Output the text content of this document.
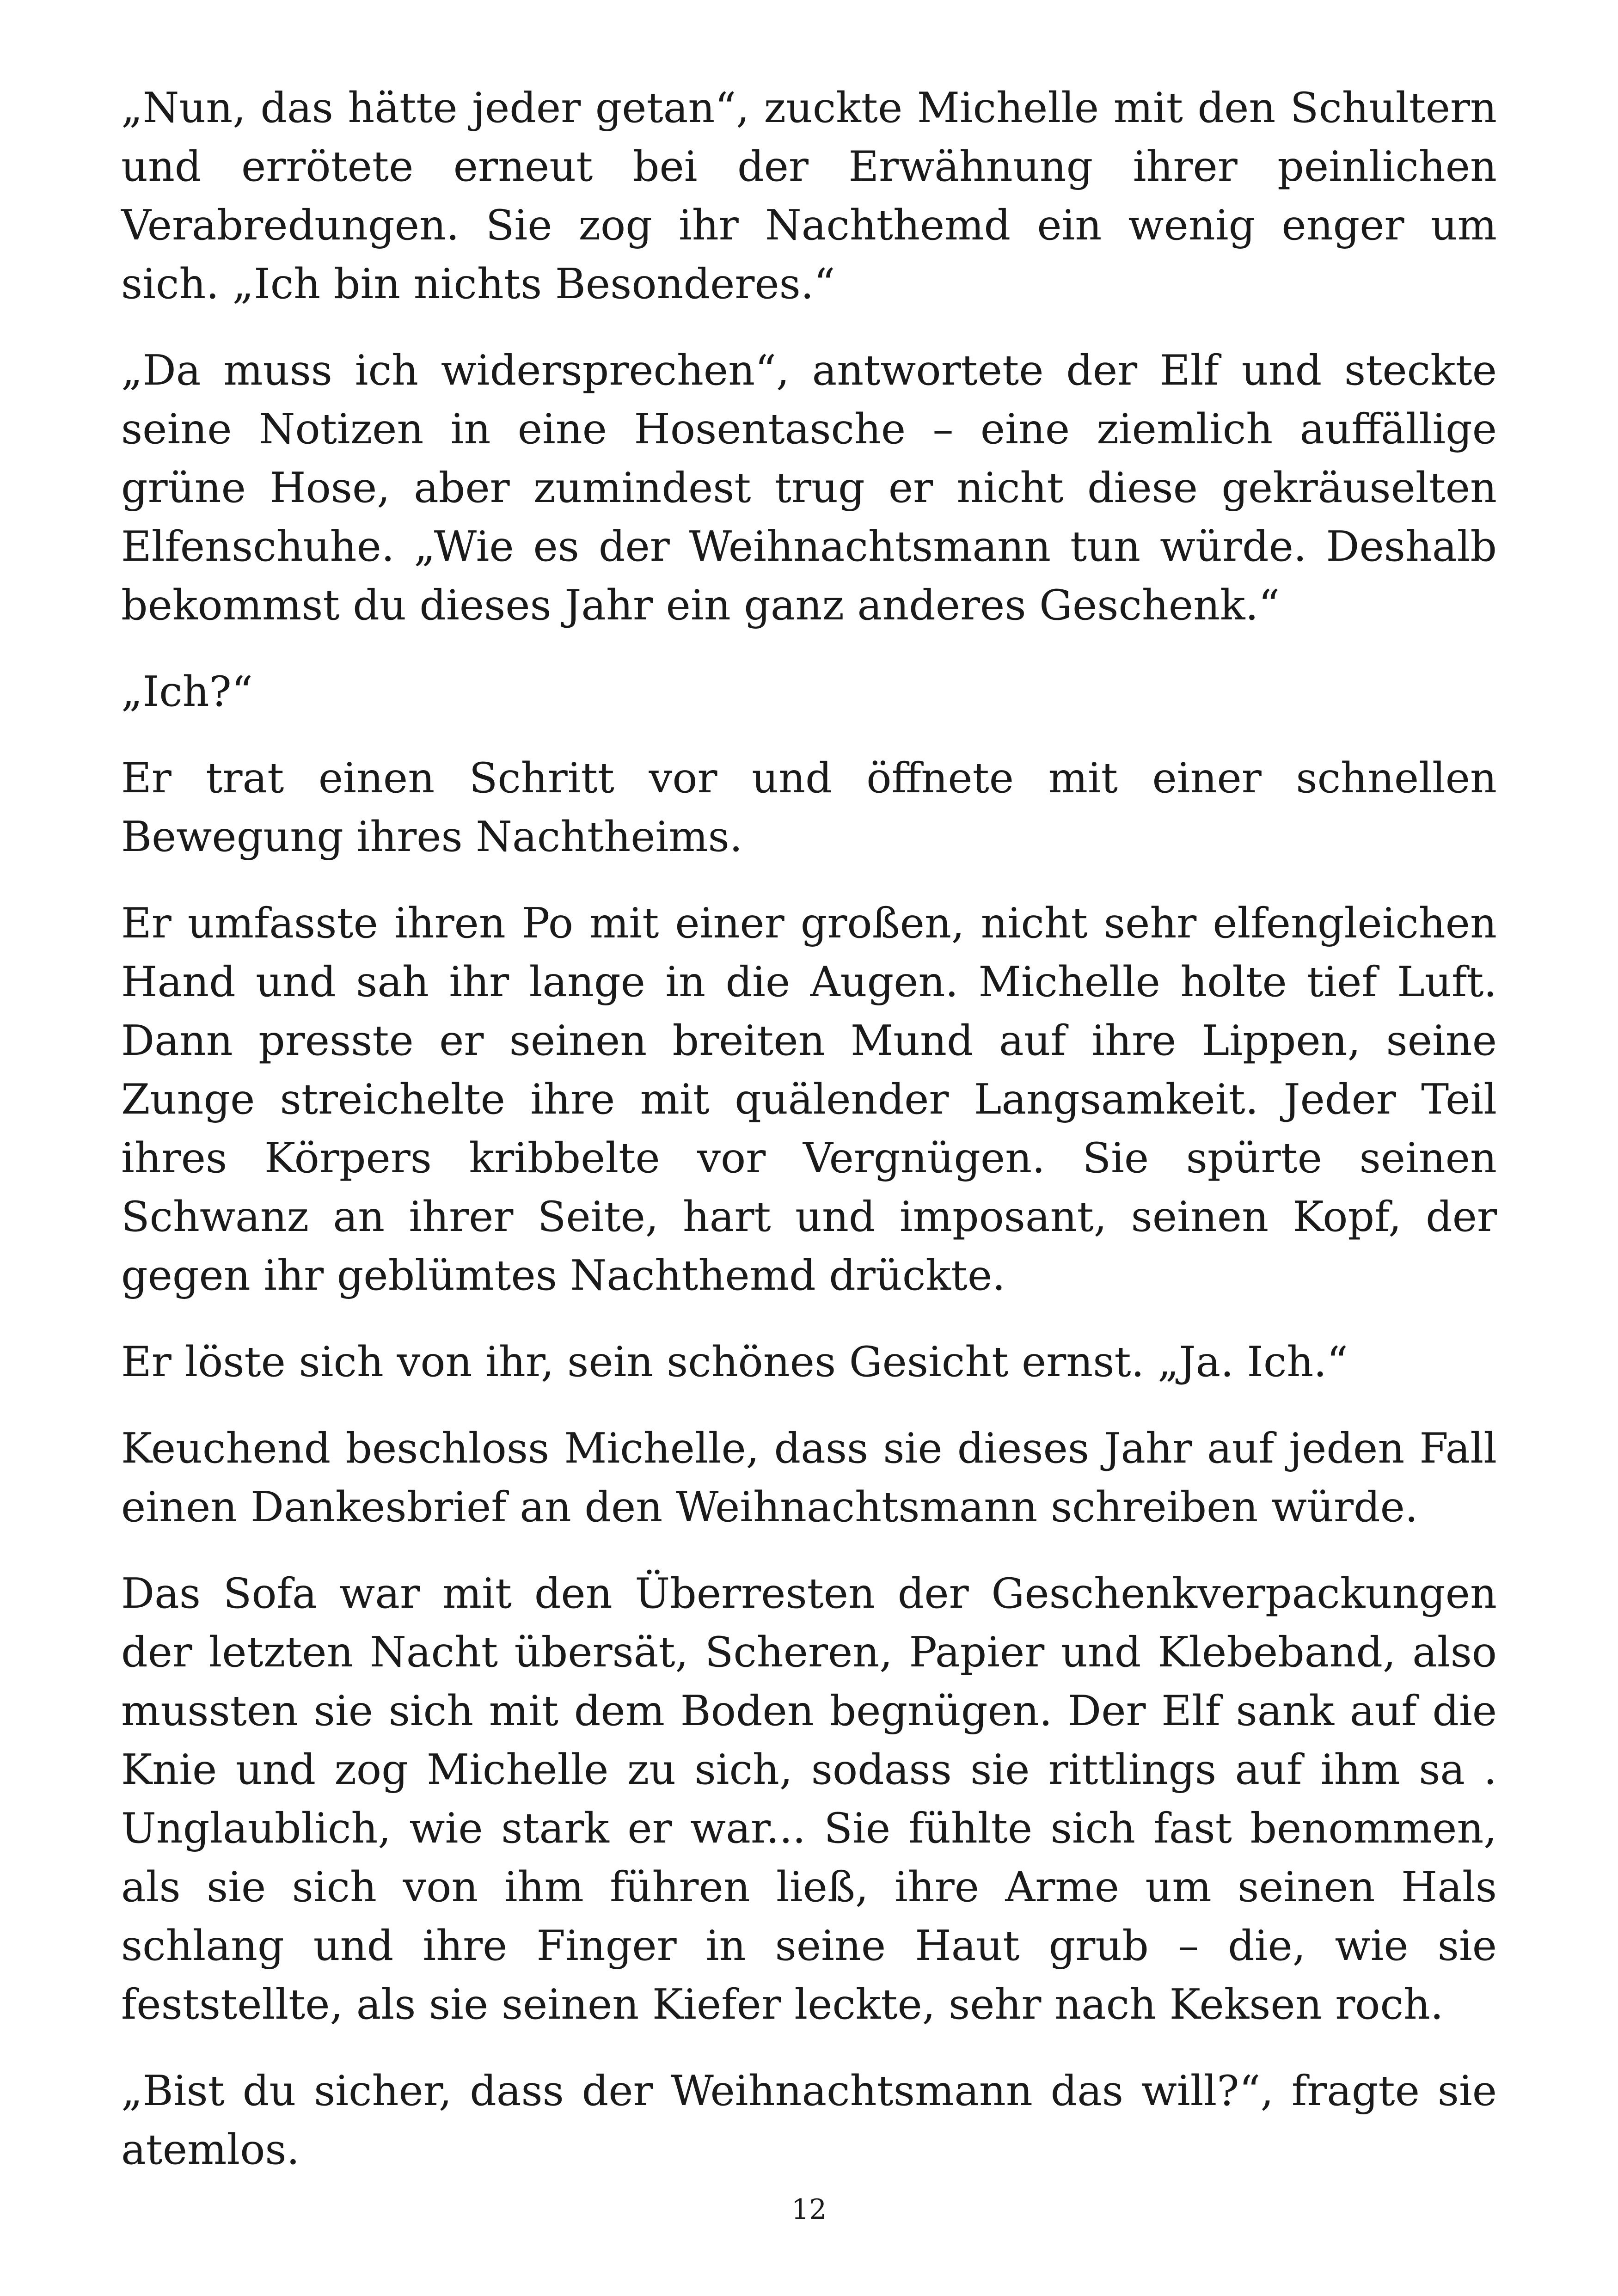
„Nun, das hätte jeder getan“, zuckte Michelle mit den Schultern und errötete erneut bei der Erwähnung ihrer peinlichen Verabredungen. Sie zog ihr Nachthemd ein wenig enger um sich. „Ich bin nichts Besonderes.“

„Da muss ich widersprechen“, antwortete der Elf und steckte seine Notizen in eine Hosentasche – eine ziemlich auffällige grüne Hose, aber zumindest trug er nicht diese gekräuselten Elfenschuhe. „Wie es der Weihnachtsmann tun würde. Deshalb bekommst du dieses Jahr ein ganz anderes Geschenk.“

„Ich?“

Er trat einen Schritt vor und öffnete mit einer schnellen Bewegung ihres Nachtheims.

Er umfasste ihren Po mit einer großen, nicht sehr elfengleichen Hand und sah ihr lange in die Augen. Michelle holte tief Luft. Dann presste er seinen breiten Mund auf ihre Lippen, seine Zunge streichelte ihre mit quälender Langsamkeit. Jeder Teil ihres Körpers kribbelte vor Vergnügen. Sie spürte seinen Schwanz an ihrer Seite, hart und imposant, seinen Kopf, der gegen ihr geblümtes Nachthemd drückte.

Er löste sich von ihr, sein schönes Gesicht ernst. „Ja. Ich.“

Keuchend beschloss Michelle, dass sie dieses Jahr auf jeden Fall einen Dankesbrief an den Weihnachtsmann schreiben würde.

Das Sofa war mit den Überresten der Geschenkverpackungen der letzten Nacht übersät, Scheren, Papier und Klebeband, also mussten sie sich mit dem Boden begnügen. Der Elf sank auf die Knie und zog Michelle zu sich, sodass sie rittlings auf ihm sa . Unglaublich, wie stark er war... Sie fühlte sich fast benommen, als sie sich von ihm führen ließ, ihre Arme um seinen Hals schlang und ihre Finger in seine Haut grub – die, wie sie feststellte, als sie seinen Kiefer leckte, sehr nach Keksen roch.

„Bist du sicher, dass der Weihnachtsmann das will?“, fragte sie atemlos.

12
